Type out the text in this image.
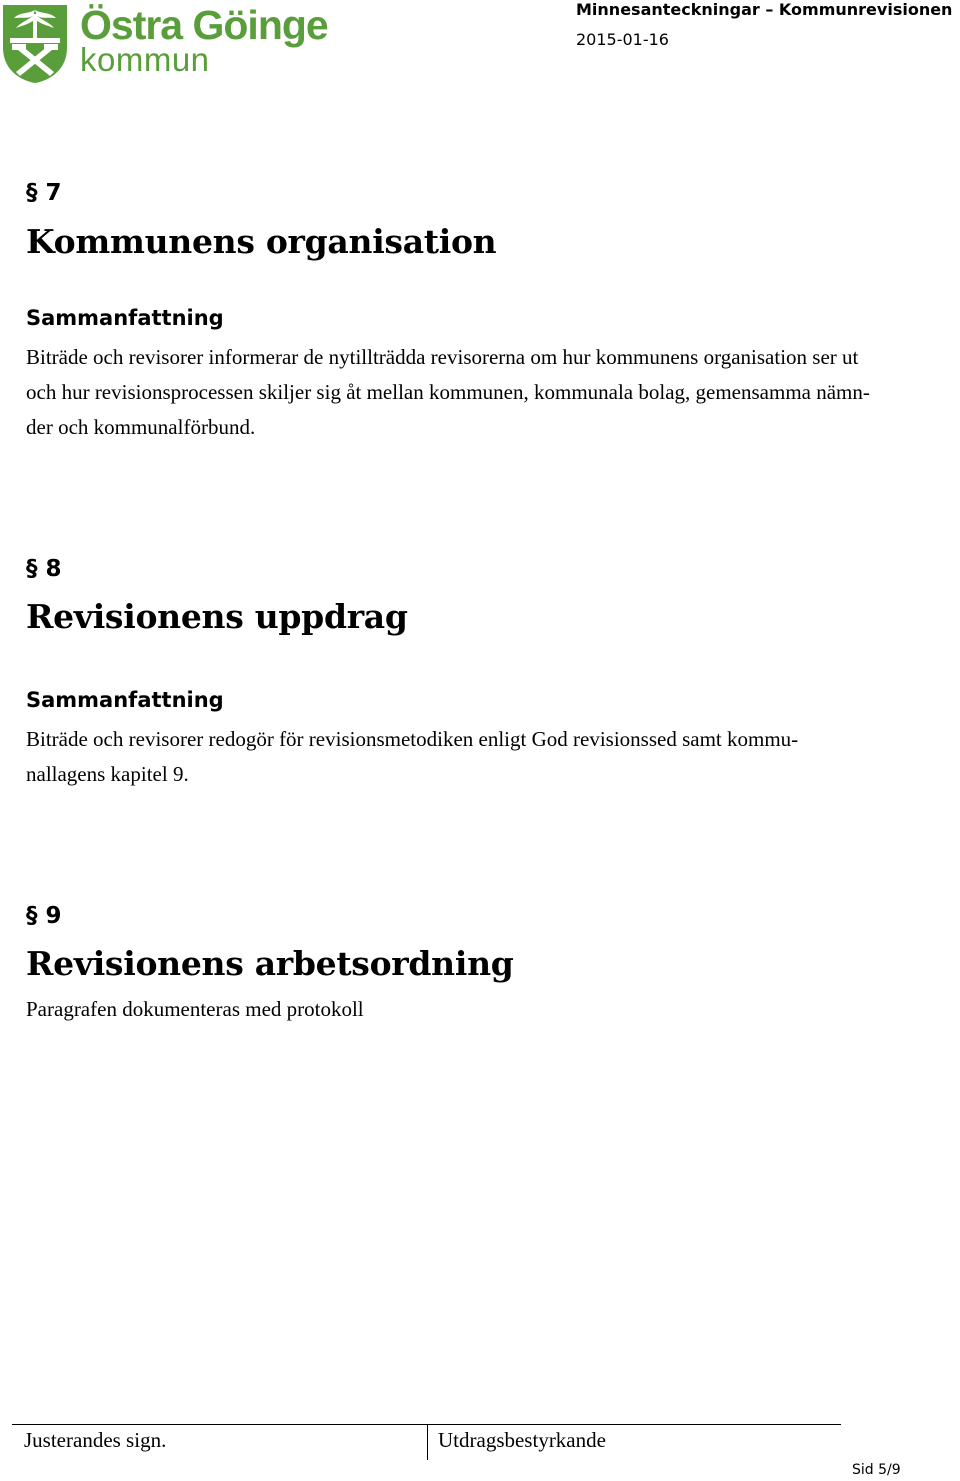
Östra Göinge
kommun
Minnesanteckningar – Kommunrevisionen
2015-01-16
§ 7
Kommunens organisation
Sammanfattning
Biträde och revisorer informerar de nytillträdda revisorerna om hur kommunens organisation ser ut
och hur revisionsprocessen skiljer sig åt mellan kommunen, kommunala bolag, gemensamma nämn-
der och kommunalförbund.
§ 8
Revisionens uppdrag
Sammanfattning
Biträde och revisorer redogör för revisionsmetodiken enligt God revisionssed samt kommu-
nallagens kapitel 9.
§ 9
Revisionens arbetsordning
Paragrafen dokumenteras med protokoll
Justerandes sign.	Utdragsbestyrkande
Sid 5/9
